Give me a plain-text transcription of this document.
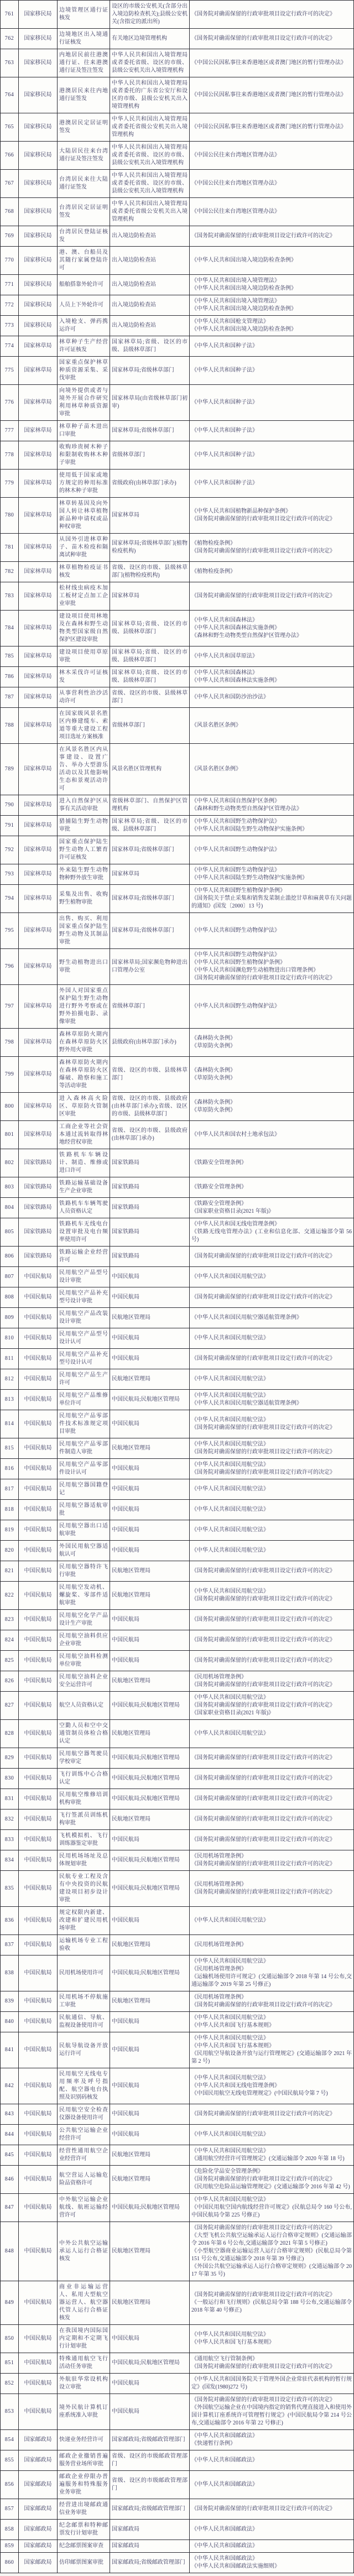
761	国家移民局	边境管理区通行证核发	设区的市级公安机关(含部分出入境边防检查机关);县级公安机关(含指定的派出所)	《国务院对确需保留的行政审批项目设定行政许可的决定》

762	国家移民局	边境地区出入境通行证核发	有关地区边境管理机构	《国务院对确需保留的行政审批项目设定行政许可的决定》

763	国家移民局	内地居民前往港澳通行证、往来港澳通行证及签注签发	中华人民共和国出入境管理局或者委托省级、设区的市级、县级公安机关出入境管理机构	《中国公民因私事往来香港地区或者澳门地区的暂行管理办法》

764	国家移民局	港澳居民来往内地通行证签发	中华人民共和国出入境管理局或者委托的广东省公安厅和设区的市级、县级公安机关出入境管理机构	《中国公民因私事往来香港地区或者澳门地区的暂行管理办法》

765	国家移民局	港澳居民定居证明签发	中华人民共和国出入境管理局或者委托省级公安机关出入境管理机构	《中国公民因私事往来香港地区或者澳门地区的暂行管理办法》

766	国家移民局	大陆居民往来台湾通行证及签注签发	中华人民共和国出入境管理局或者委托省级、设区的市级、县级公安机关出入境管理机构	《中国公民往来台湾地区管理办法》

767	国家移民局	台湾居民来往大陆通行证签发	中华人民共和国出入境管理局或者委托省级、设区的市级、县级公安机关出入境管理机构	《中国公民往来台湾地区管理办法》

768	国家移民局	台湾居民定居证明签发	中华人民共和国出入境管理局或者委托省级公安机关出入境管理机构	《中国公民往来台湾地区管理办法》

769	国家移民局	台湾居民登陆证核发	出入境边防检查站	《国务院对确需保留的行政审批项目设定行政许可的决定》

770	国家移民局	港、澳、台船员及其随行家属登陆许可	出入境边防检查站	《中华人民共和国出境入境边防检查条例》

771	国家移民局	船舶搭靠外轮许可	出入境边防检查站	《中华人民共和国出境入境管理法》
《中华人民共和国出境入境边防检查条例》

772	国家移民局	人员上下外轮许可	出入境边防检查站	《中华人民共和国出境入境管理法》
《中华人民共和国出境入境边防检查条例》

773	国家移民局	入境枪支、弹药携运许可	出入境边防检查站	《中华人民共和国枪支管理法》
《中华人民共和国出境入境边防检查条例》

774	国家林草局	林草种子生产经营许可证核发	国家林草局;省级、设区的市级、县级林草部门	《中华人民共和国种子法》

775	国家林草局	国家重点保护林草种质资源采集、采伐审批	国家林草局;省级林草部门	《中华人民共和国种子法》

776	国家林草局	向境外提供或者与境外开展合作研究利用林草种质资源审批	国家林草局(由省级林草部门初审)	《中华人民共和国种子法》

777	国家林草局	林草种子苗木进出口审批	国家林草局;省级林草部门	《中华人民共和国种子法》

778	国家林草局	收购珍贵树木种子和限制收购林木种子审批	省级林草部门	《中华人民共和国种子法》

779	国家林草局	使用低于国家或地方规定的种用标准的林木种子审批	省级政府(由林草部门承办)	《中华人民共和国种子法》

780	国家林草局	林草转基因及向外国人转让林草植物新品种申请权或品种权审批	国家林草局	《中华人民共和国植物新品种保护条例》
《国务院对确需保留的行政审批项目设定行政许可的决定》

781	国家林草局	从国外引进林草种子、苗木检疫和隔离试种审批	国家林草局;省级林草部门(植物检疫机构)	《植物检疫条例》
《国务院对确需保留的行政审批项目设定行政许可的决定》

782	国家林草局	林草植物检疫证书核发	省级、设区的市级、县级林草部门(植物检疫机构)	《植物检疫条例》

783	国家林草局	松材线虫病疫木加工板材定点加工企业审批	国家林草局	《国务院对确需保留的行政审批项目设定行政许可的决定》

784	国家林草局	建设项目使用林地及在森林和野生动物类型国家级自然保护区建设审批	国家林草局;省级、设区的市级、县级林草部门	《中华人民共和国森林法》
《中华人民共和国森林法实施条例》
《森林和野生动物类型自然保护区管理办法》

785	国家林草局	建设项目使用草原审批	国家林草局;省级、设区的市级、县级林草部门	《中华人民共和国草原法》

786	国家林草局	林木采伐许可证核发	国家林草局;省级、设区的市级、县级林草部门	《中华人民共和国森林法》
《中华人民共和国森林法实施条例》

787	国家林草局	从事营利性治沙活动许可	省级、设区的市级、县级林草部门	《中华人民共和国防沙治沙法》

788	国家林草局	在国家级风景名胜区内修建缆车、索道等重大建设工程项目选址方案核准	省级林草部门	《风景名胜区条例》

789	国家林草局	在风景名胜区内从事建设、设置广告、举办大型游乐活动以及其他影响生态和景观活动许可	风景名胜区管理机构	《风景名胜区条例》

790	国家林草局	进入自然保护区从事有关活动审批	省级林草部门、自然保护区管理机构	《中华人民共和国自然保护区条例》
《森林和野生动物类型自然保护区管理办法》

791	国家林草局	猎捕陆生野生动物审批	国家林草局;省级、设区的市级、县级林草部门	《中华人民共和国野生动物保护法》
《中华人民共和国陆生野生动物保护实施条例》

792	国家林草局	国家重点保护陆生野生动物人工繁育许可证核发	国家林草局;省级林草部门	《中华人民共和国野生动物保护法》

793	国家林草局	外来陆生野生动物物种野外放生审批	国家林草局	《中华人民共和国野生动物保护法》
《中华人民共和国陆生野生动物保护实施条例》

794	国家林草局	采集及出售、收购野生植物审批	国家林草局;省级林草部门	《中华人民共和国野生植物保护条例》
《国务院关于禁止采集和销售发菜制止滥挖甘草和麻黄草有关问题的通知》(国发〔2000〕13 号)

795	国家林草局	出售、购买、利用国家重点保护陆生野生动物及其制品审批	国家林草局;省级林草部门	《中华人民共和国野生动物保护法》

796	国家林草局	野生动植物进出口审批	国家林草局;国家濒危物种进出口管理办公室	《中华人民共和国野生动物保护法》
《中华人民共和国野生植物保护条例》
《中华人民共和国濒危野生动植物进出口管理条例》
《国务院对确需保留的行政审批项目设定行政许可的决定》

797	国家林草局	外国人对国家重点保护陆生野生动物进行野外考察或在野外拍摄电影、录像审批	省级林草部门	《中华人民共和国野生动物保护法》

798	国家林草局	森林草原防火期内在森林草原防火区野外用火审批	县级政府(由林草部门承办)	《森林防火条例》
《草原防火条例》

799	国家林草局	森林草原防火期内在森林草原防火区爆破、勘察和施工等活动审批	省级、设区的市级、县级林草部门	《森林防火条例》
《草原防火条例》

800	国家林草局	进入森林高火险区、草原防火管制区审批	省级、设区的市级、县级政府(由林草部门承办);省级、设区的市级、县级林草部门	《森林防火条例》
《草原防火条例》

801	国家林草局	工商企业等社会资本通过流转取得林地经营权审批	省级、设区的市级、县级政府(由林草部门承办)	《中华人民共和国农村土地承包法》

802	国家铁路局	铁路机车车辆设计、制造、维修或进口许可	国家铁路局	《铁路安全管理条例》

803	国家铁路局	铁路运输基础设备生产企业审批	国家铁路局	《铁路安全管理条例》

804	国家铁路局	铁路机车车辆驾驶人员资格认定	国家铁路局	《铁路安全管理条例》
《国家职业资格目录(2021 年版)》

805	国家铁路局	铁路机车无线电台设置审批及电台频率使用许可	国家铁路局	《中华人民共和国无线电管理条例》
《铁路无线电管理办法》(工业和信息化部、交通运输部令第 56 号)

806	国家铁路局	铁路运输企业经营许可	国家铁路局	《国务院对确需保留的行政审批项目设定行政许可的决定》

807	中国民航局	民用航空产品型号设计审批	中国民航局	《中华人民共和国民用航空法》

808	中国民航局	民用航空产品补充型号设计审批	中国民航局	《国务院对确需保留的行政审批项目设定行政许可的决定》

809	中国民航局	民用航空产品改装设计审批	民航地区管理局	《中华人民共和国民用航空器适航管理条例》

810	中国民航局	民用航空产品型号设计认可	中国民航局	《中华人民共和国民用航空法》

811	中国民航局	民用航空产品补充型号设计认可	中国民航局	《国务院对确需保留的行政审批项目设定行政许可的决定》

812	中国民航局	民用航空产品生产许可	民航地区管理局	《中华人民共和国民用航空法》

813	中国民航局	民用航空产品维修单位许可	中国民航局;民航地区管理局	《中华人民共和国民用航空法》
《中华人民共和国民用航空器适航管理条例》

814	中国民航局	民用航空产品零部件技术标准规定项目审批	中国民航局	《中华人民共和国民用航空法》
《国务院对确需保留的行政审批项目设定行政许可的决定》

815	中国民航局	民用航空产品零部件制造人审批	民航地区管理局	《中华人民共和国民用航空法》
《国务院对确需保留的行政审批项目设定行政许可的决定》

816	中国民航局	民用航空产品零部件设计认可	中国民航局	《中华人民共和国民用航空法》
《国务院对确需保留的行政审批项目设定行政许可的决定》

817	中国民航局	民用航空器国籍登记	中国民航局	《中华人民共和国民用航空法》

818	中国民航局	民用航空器适航审批	中国民航局	《中华人民共和国民用航空法》

819	中国民航局	民用航空器出口适航审批	中国民航局	《中华人民共和国民用航空法》

820	中国民航局	外国民用航空器适航认可	中国民航局	《中华人民共和国民用航空法》

821	中国民航局	民用航空器特许飞行审批	民航地区管理局	《国务院对确需保留的行政审批项目设定行政许可的决定》

822	中国民航局	民用航空发动机、螺旋桨、零部件适航审批	民航地区管理局	《中华人民共和国民用航空法》
《国务院对确需保留的行政审批项目设定行政许可的决定》

823	中国民航局	民用航空化学产品设计生产审批	中国民航局	《国务院对确需保留的行政审批项目设定行政许可的决定》

824	中国民航局	民用航空油料供应企业审批	中国民航局	《国务院对确需保留的行政审批项目设定行政许可的决定》

825	中国民航局	民用航空油料检测单位审批	中国民航局	《国务院对确需保留的行政审批项目设定行政许可的决定》

826	中国民航局	民用航空油料企业安全运营许可	民航地区管理局	《民用机场管理条例》
《国务院对确需保留的行政审批项目设定行政许可的决定》

827	中国民航局	航空人员资格认定	中国民航局;民航地区管理局	《中华人民共和国民用航空法》
《国务院对确需保留的行政审批项目设定行政许可的决定》
《国家职业资格目录(2021 年版)》

828	中国民航局	空勤人员和空中交通管制员体检合格认定	民航地区管理局	《中华人民共和国民用航空法》

829	中国民航局	民用航空器驾驶员学校审定	中国民航局;民航地区管理局	《国务院对确需保留的行政审批项目设定行政许可的决定》

830	中国民航局	飞行训练中心合格认定	中国民航局;民航地区管理局	《国务院对确需保留的行政审批项目设定行政许可的决定》

831	中国民航局	民用航空维修培训机构审批	中国民航局;民航地区管理局	《国务院对确需保留的行政审批项目设定行政许可的决定》

832	中国民航局	飞行签派员训练机构审批	民航地区管理局	《国务院对确需保留的行政审批项目设定行政许可的决定》

833	中国民航局	飞机模拟机、飞行训练器鉴定审批	中国民航局	《国务院对确需保留的行政审批项目设定行政许可的决定》

834	中国民航局	民用机场场址及总体规划审批	中国民航局;民航地区管理局	《民用机场管理条例》
《国务院对确需保留的行政审批项目设定行政许可的决定》

835	中国民航局	民航专业工程及含有中央投资的民航建设项目初步设计审批	中国民航局;民航地区管理局	《民用机场管理条例》
《国务院对确需保留的行政审批项目设定行政许可的决定》

836	中国民航局	规定权限内新建、改建和扩建民用机场审批	中国民航局	《中华人民共和国民用航空法》

837	中国民航局	运输机场专业工程验收	民航地区管理局	《民用机场管理条例》

838	中国民航局	民用机场使用许可	中国民航局;民航地区管理局	《中华人民共和国民用航空法》
《民用机场管理条例》
《运输机场使用许可规定》(交通运输部令 2018 年第 14 号公布,交通运输部令 2019 年第 25 号修正)

839	中国民航局	民用机场不停航施工审批	民航地区管理局	《民用机场管理条例》
《国务院对确需保留的行政审批项目设定行政许可的决定》

840	中国民航局	民航通信、导航、监视设备使用许可	中国民航局	《中华人民共和国民用航空法》
《中华人民共和国飞行基本规则》

841	中国民航局	民航导航设备开放运行许可	中国民航局	《中华人民共和国民用航空法》
《中华人民共和国飞行基本规则》
《民用航空导航设备开放与运行管理规定》(交通运输部令 2021 年第 2 号)

842	中国民航局	民用航空无线电专用频率及呼号指配、航空器电台执照及识别码核发	中国民航局	《中华人民共和国民用航空法》
《中华人民共和国无线电管理条例》
《中国民用航空无线电管理规定》(中国民航局令第 7 号)

843	中国民航局	民用航空安全检查仪器设备使用许可	中国民航局	《国务院对确需保留的行政审批项目设定行政许可的决定》

844	中国民航局	公共航空运输企业经营许可	中国民航局	《中华人民共和国民用航空法》

845	中国民航局	经营性通用航空企业经营许可	民航地区管理局	《中华人民共和国民用航空法》
《通用航空经营许可管理规定》(交通运输部令 2020 年第 18 号)

846	中国民航局	航空营运人运输危险品资格许可	民航地区管理局	《危险化学品安全管理条例》
《国务院对确需保留的行政审批项目设定行政许可的决定》
《民用航空危险品运输管理规定》(交通运输部令 2016 年第 42 号)

847	中国民航局	中外航空运输企业航线、航班运输经营许可	中国民航局;民航地区管理局	《中华人民共和国民用航空法》
《中国民用航空国内航线经营许可规定》(民航总局令 160 号公布,中国民航局令第 225 号修正)

848	中国民航局	中外公共航空运输承运人运行合格证核发	民航地区管理局	《国务院对确需保留的行政审批项目设定行政许可的决定》
《大型飞机公共航空运输承运人运行合格审定规则》(交通运输部令 2016 年第 6 号公布,交通运输部令 2021 年第 5 号修正)
《小型航空器商业运输运营人运行合格审定规则》(民航总局令第 151 号公布,交通运输部令 2018 年第 39 号修正)
《外国公共航空运输承运人运行合格审定规则》(交通运输部令 2017 年第 35 号)

849	中国民航局	商业非运输运营人、私用大型航空器运营人、航空器代管人运行合格证核发	民航地区管理局	《国务院对确需保留的行政审批项目设定行政许可的决定》
《一般运行和飞行规则》(民航总局令第 188 号公布,交通运输部令 2018 年第 40 号修正)

850	中国民航局	在我国境内国际国内定期和不定期飞行计划审批	中国民航局	《中华人民共和国民用航空法》
《中华人民共和国飞行基本规则》

851	中国民航局	特殊通用航空飞行活动任务审批	中国民航局;民航地区管理局	《通用航空飞行管制条例》
《国务院对确需保留的行政审批项目设定行政许可的决定》

852	中国民航局	外航驻华常设机构设立审批	中国民航局	《中华人民共和国国务院关于管理外国企业常驻代表机构的暂行规定》(国发(1980)272 号)

853	中国民航局	境外民航计算机订座系统准入审批	中国民航局	《国务院对确需保留的行政审批项目设定行政许可的决定》
《外国航空运输企业在中国境内指定的销售代理直接进入和使用外国计算机订座系统许可管理暂行规定》(中国民航局令第 214 号公布,交通运输部令 2016 年第 22 号修正)

854	国家邮政局	快递业务经营许可	国家邮政局;省级邮政管理部门	《中华人民共和国邮政法》
《快递暂行条例》

855	国家邮政局	邮政企业撤销普遍服务营业场所审批	省级、设区的市级邮政管理部门	《中华人民共和国邮政法》

856	国家邮政局	邮政企业停限办普遍服务和特殊服务业务审批	省级、设区的市级邮政管理部门	《中华人民共和国邮政法》

857	国家邮政局	经营进出境邮政通信业务审批	国家邮政局;省级邮政管理部门	《国务院对确需保留的行政审批项目设定行政许可的决定》

858	国家邮政局	纪念邮票和特种邮票发行计划审批	国家邮政局	《中华人民共和国邮政法》

859	国家邮政局	纪念邮票图案审查	国家邮政局	《中华人民共和国邮政法》

860	国家邮政局	仿印邮票图案审批	国家邮政局;省级邮政管理部门	《中华人民共和国邮政法》
《中华人民共和国邮政法实施细则》
